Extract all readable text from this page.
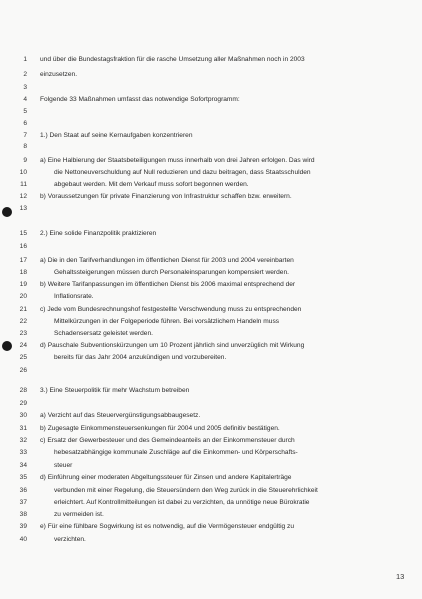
1 und über die Bundestagsfraktion für die rasche Umsetzung aller Maßnahmen noch in 2003
2 einzusetzen.
3
4 Folgende 33 Maßnahmen umfasst das notwendige Sofortprogramm:
5
6
7 1.) Den Staat auf seine Kernaufgaben konzentrieren
8
9 a) Eine Halbierung der Staatsbeteiligungen muss innerhalb von drei Jahren erfolgen. Das wird
10	die Nettoneuverschuldung auf Null reduzieren und dazu beitragen, dass Staatsschulden
11	abgebaut werden. Mit dem Verkauf muss sofort begonnen werden.
12 b) Voraussetzungen für private Finanzierung von Infrastruktur schaffen bzw. erweitern.
13
15 2.) Eine solide Finanzpolitik praktizieren
16
17 a) Die in den Tarifverhandlungen im öffentlichen Dienst für 2003 und 2004 vereinbarten
18	Gehaltssteigerungen müssen durch Personaleinsparungen kompensiert werden.
19 b) Weitere Tarifanpassungen im öffentlichen Dienst bis 2006 maximal entsprechend der
20	Inflationsrate.
21 c) Jede vom Bundesrechnungshof festgestellte Verschwendung muss zu entsprechenden
22	Mittelkürzungen in der Folgeperiode führen. Bei vorsätzlichem Handeln muss
23	Schadensersatz geleistet werden.
24 d) Pauschale Subventionskürzungen um 10 Prozent jährlich sind unverzüglich mit Wirkung
25	bereits für das Jahr 2004 anzukündigen und vorzubereiten.
26
28 3.) Eine Steuerpolitik für mehr Wachstum betreiben
29
30 a) Verzicht auf das Steuervergünstigungsabbaugesetz.
31 b) Zugesagte Einkommensteuersenkungen für 2004 und 2005 definitiv bestätigen.
32 c) Ersatz der Gewerbesteuer und des Gemeindeanteils an der Einkommensteuer durch
33	hebesatzabhängige kommunale Zuschläge auf die Einkommen- und Körperschafts-
34	steuer
35 d) Einführung einer moderaten Abgeltungssteuer für Zinsen und andere Kapitalerträge
36	verbunden mit einer Regelung, die Steuersündern den Weg zurück in die Steuerehrlichkeit
37	erleichtert. Auf Kontrollmitteilungen ist dabei zu verzichten, da unnötige neue Bürokratie
38	zu vermeiden ist.
39 e) Für eine fühlbare Sogwirkung ist es notwendig, auf die Vermögensteuer endgültig zu
40	verzichten.
13
